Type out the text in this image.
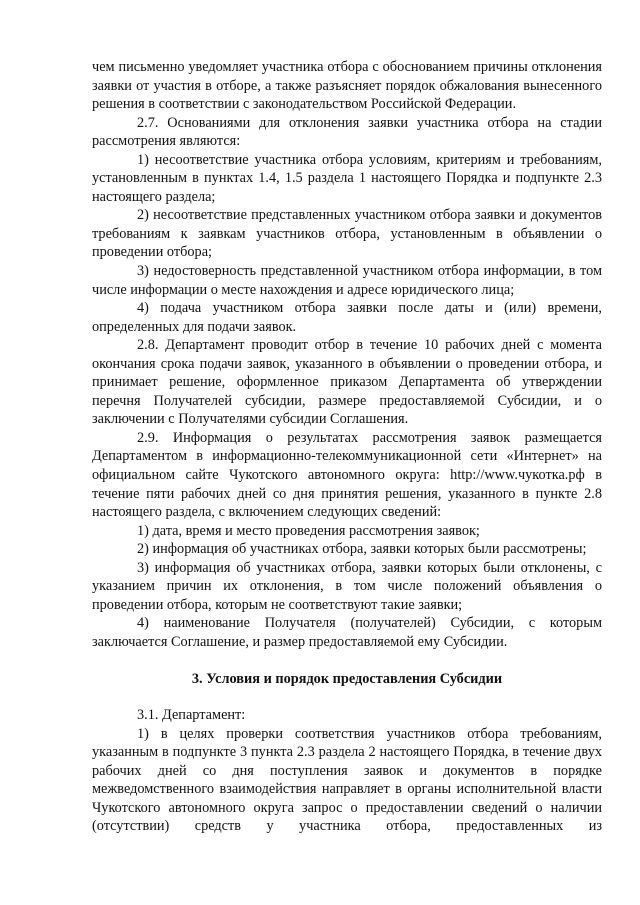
чем письменно уведомляет участника отбора с обоснованием причины отклонения заявки от участия в отборе, а также разъясняет порядок обжалования вынесенного решения в соответствии с законодательством Российской Федерации.

2.7. Основаниями для отклонения заявки участника отбора на стадии рассмотрения являются:

1) несоответствие участника отбора условиям, критериям и требованиям, установленным в пунктах 1.4, 1.5 раздела 1 настоящего Порядка и подпункте 2.3 настоящего раздела;

2) несоответствие представленных участником отбора заявки и документов требованиям к заявкам участников отбора, установленным в объявлении о проведении отбора;

3) недостоверность представленной участником отбора информации, в том числе информации о месте нахождения и адресе юридического лица;

4) подача участником отбора заявки после даты и (или) времени, определенных для подачи заявок.

2.8. Департамент проводит отбор в течение 10 рабочих дней с момента окончания срока подачи заявок, указанного в объявлении о проведении отбора, и принимает решение, оформленное приказом Департамента об утверждении перечня Получателей субсидии, размере предоставляемой Субсидии, и о заключении с Получателями субсидии Соглашения.

2.9. Информация о результатах рассмотрения заявок размещается Департаментом в информационно-телекоммуникационной сети «Интернет» на официальном сайте Чукотского автономного округа: http://www.чукотка.рф в течение пяти рабочих дней со дня принятия решения, указанного в пункте 2.8 настоящего раздела, с включением следующих сведений:

1) дата, время и место проведения рассмотрения заявок;

2) информация об участниках отбора, заявки которых были рассмотрены;

3) информация об участниках отбора, заявки которых были отклонены, с указанием причин их отклонения, в том числе положений объявления о проведении отбора, которым не соответствуют такие заявки;

4) наименование Получателя (получателей) Субсидии, с которым заключается Соглашение, и размер предоставляемой ему Субсидии.

3. Условия и порядок предоставления Субсидии

3.1. Департамент:

1) в целях проверки соответствия участников отбора требованиям, указанным в подпункте 3 пункта 2.3 раздела 2 настоящего Порядка, в течение двух рабочих дней со дня поступления заявок и документов в порядке межведомственного взаимодействия направляет в органы исполнительной власти Чукотского автономного округа запрос о предоставлении сведений о наличии (отсутствии) средств у участника отбора, предоставленных из
